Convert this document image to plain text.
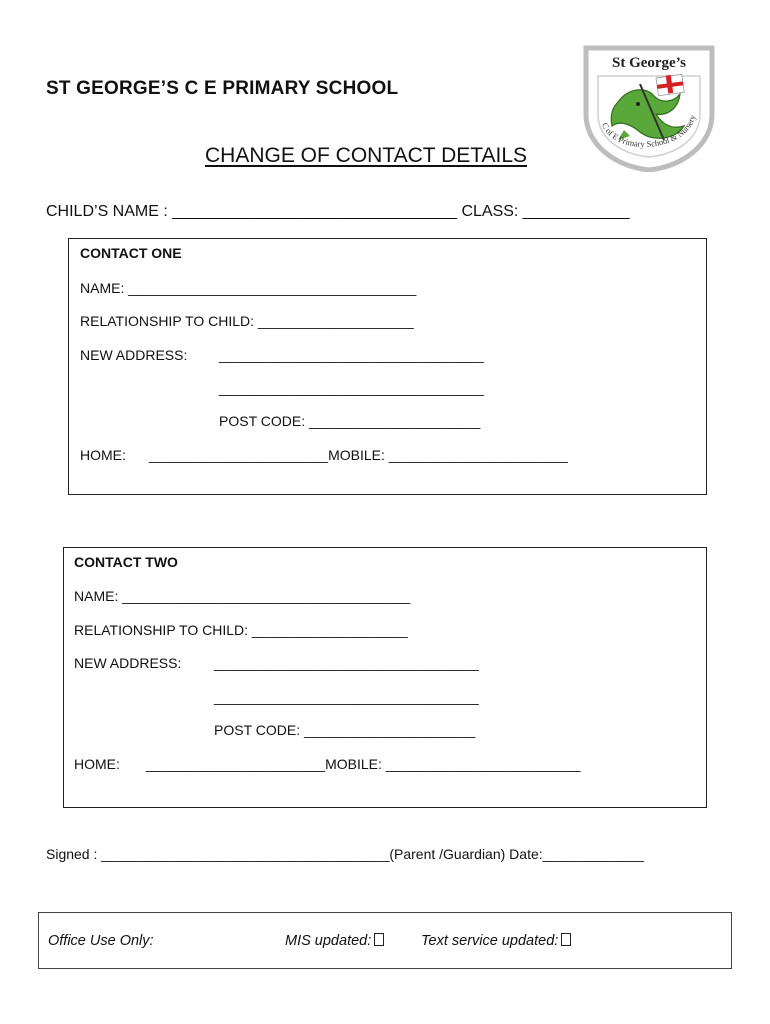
ST GEORGE’S C E PRIMARY SCHOOL
St George’s
C of E Primary School & Nursery
CHANGE OF CONTACT DETAILS
CHILD’S NAME : ________________________________ CLASS: ____________
CONTACT ONE
NAME: _____________________________________
RELATIONSHIP TO CHILD: ____________________
NEW ADDRESS: __________________________________
__________________________________
POST CODE: ______________________
HOME: _______________________MOBILE: _______________________
CONTACT TWO
NAME: _____________________________________
RELATIONSHIP TO CHILD: ____________________
NEW ADDRESS: __________________________________
__________________________________
POST CODE: ______________________
HOME: _______________________MOBILE: _________________________
Signed : _____________________________________(Parent /Guardian) Date:_____________
Office Use Only:	MIS updated:	Text service updated:
